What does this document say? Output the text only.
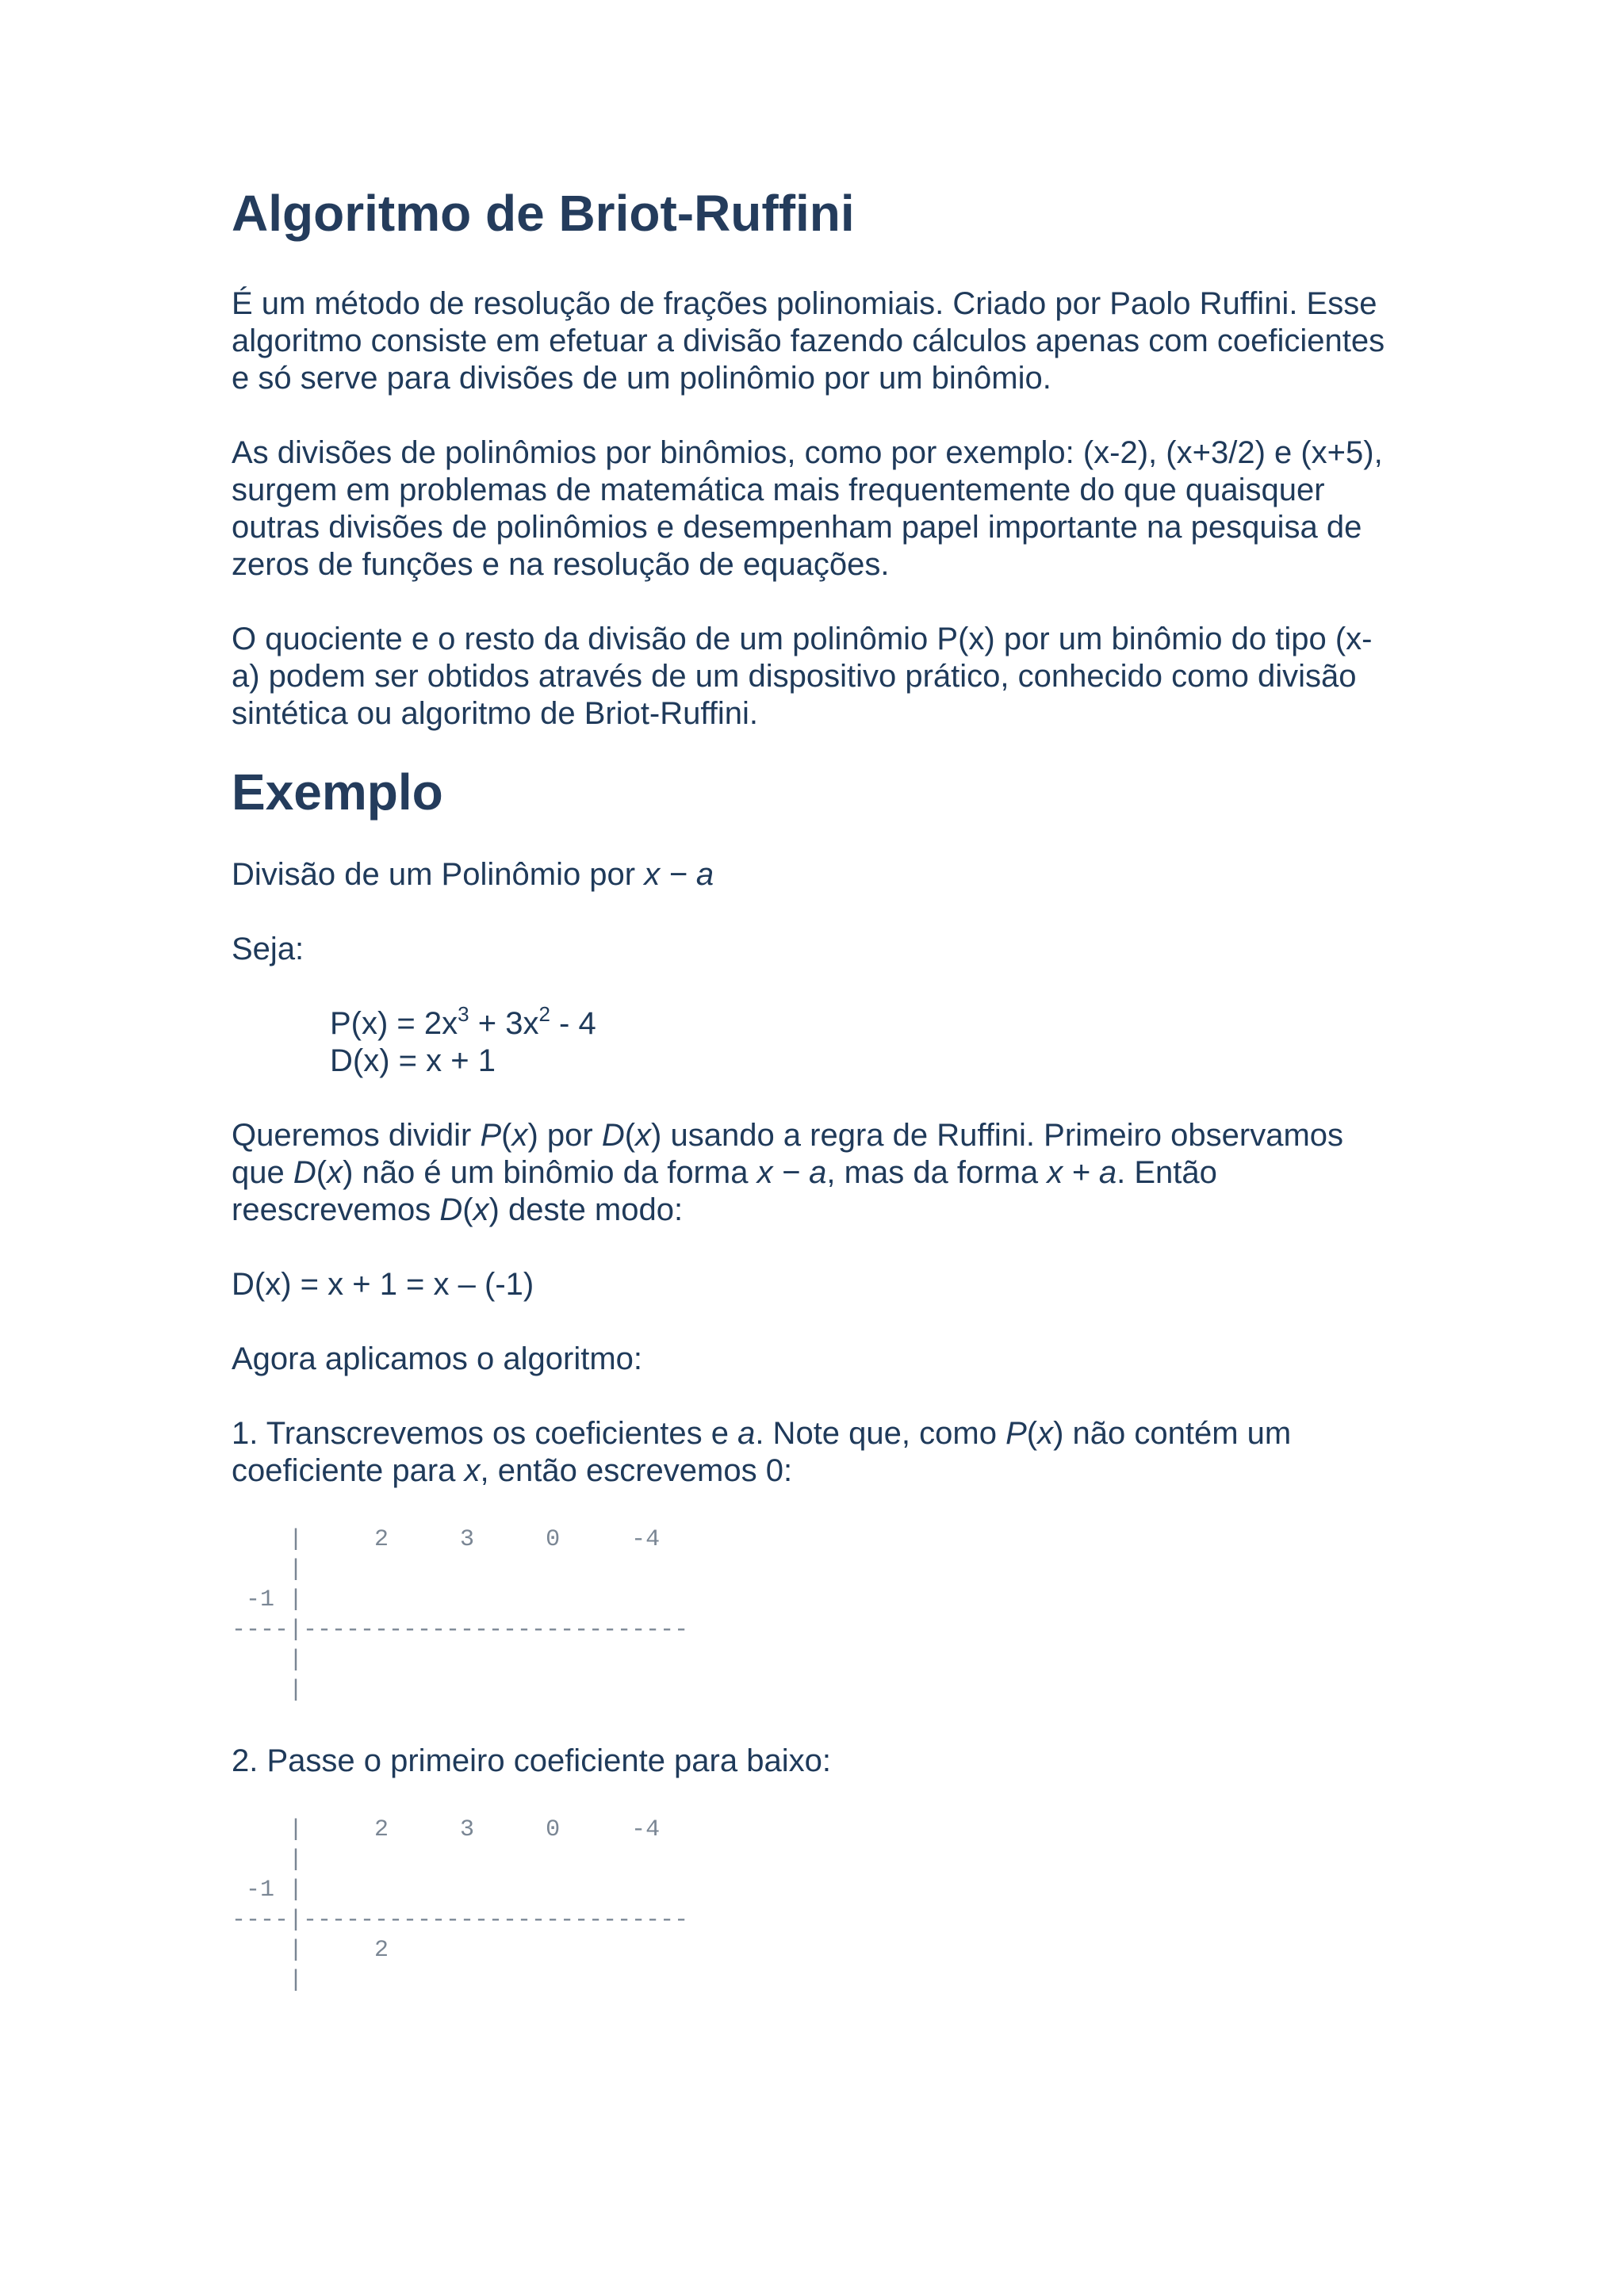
Algoritmo de Briot-Ruffini

É um método de resolução de frações polinomiais. Criado por Paolo Ruffini. Esse algoritmo consiste em efetuar a divisão fazendo cálculos apenas com coeficientes e só serve para divisões de um polinômio por um binômio.

As divisões de polinômios por binômios, como por exemplo: (x-2), (x+3/2) e (x+5), surgem em problemas de matemática mais frequentemente do que quaisquer outras divisões de polinômios e desempenham papel importante na pesquisa de zeros de funções e na resolução de equações.

O quociente e o resto da divisão de um polinômio P(x) por um binômio do tipo (x-a) podem ser obtidos através de um dispositivo prático, conhecido como divisão sintética ou algoritmo de Briot-Ruffini.

Exemplo

Divisão de um Polinômio por x − a

Seja:

$P(x) = 2x^3 + 3x^2 - 4$

D(x) = x + 1

Queremos dividir P(x) por D(x) usando a regra de Ruffini. Primeiro observamos que D(x) não é um binômio da forma x − a, mas da forma x + a. Então reescrevemos D(x) deste modo:

D(x) = x + 1 = x – (-1)

Agora aplicamos o algoritmo:

1. Transcrevemos os coeficientes e a. Note que, como P(x) não contém um coeficiente para x, então escrevemos 0:

|     2     3     0     -4
|
-1 |
----|---------------------------
|
|

2. Passe o primeiro coeficiente para baixo:

|     2     3     0     -4
|
-1 |
----|---------------------------
|     2
|
